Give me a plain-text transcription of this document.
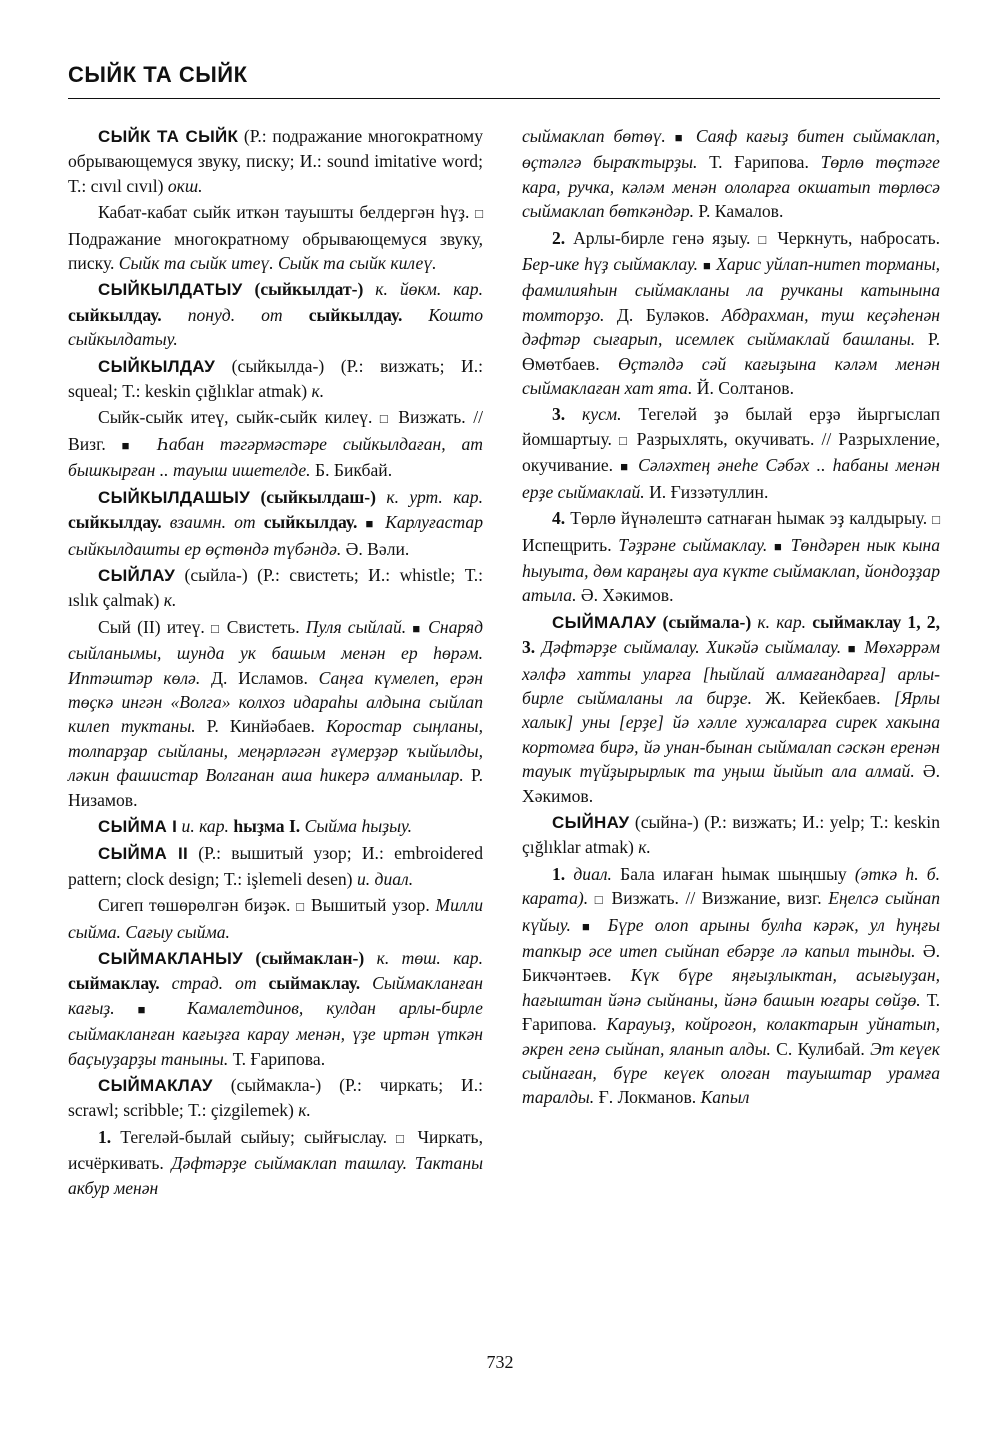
СЫЙК ТА СЫЙК

СЫЙК ТА СЫЙК (Р.: подражание многократному обрывающемуся звуку, писку; И.: sound imitative word; Т.: cıvıl cıvıl) окш.

Кабат-кабат сыйк иткән тауышты белдергән һүҙ. □ Подражание многократному обрывающемуся звуку, писку. Сыйк та сыйк итеү. Сыйк та сыйк килеү.

СЫЙКЫЛДАТЫУ (сыйкылдат-) к. йөкм. кар. сыйкылдау. понуд. от сыйкылдау. Кошто сыйкылдатыу.

СЫЙКЫЛДАУ (сыйкылда-) (Р.: визжать; И.: squeal; Т.: keskin çığlıklar atmak) к.

Сыйк-сыйк итеү, сыйк-сыйк килеү. □ Визжать. // Визг. ■ Һабан тәгәрмәстәре сыйкылдаған, ат бышкырған .. тауыш ишетелде. Б. Бикбай.

СЫЙКЫЛДАШЫУ (сыйкылдаш-) к. урт. кар. сыйкылдау. взаимн. от сыйкылдау. ■ Карлуғастар сыйкылдашты ер өҫтөндә түбәндә. Ә. Вәли.

СЫЙЛАУ (сыйла-) (Р.: свистеть; И.: whistle; Т.: ıslık çalmak) к.

Сый (II) итеү. □ Свистеть. Пуля сыйлай. ■ Снаряд сыйланымы, шунда ук башым менән ер һөрәм. Иптәштәр көлә. Д. Исламов. Саңға күмелеп, ерән төҫкә ингән «Волга» колхоз идараһы алдына сыйлап килеп туктаны. Р. Кинйәбаев. Коростар сыңланы, толпарҙар сыйланы, меңәрләгән ғүмерҙәр ҡыйылды, ләкин фашистар Волганан аша һикерә алманылар. Р. Низамов.

СЫЙМА I и. кар. һыҙма I. Сыйма һыҙыу.

СЫЙМА II (Р.: вышитый узор; И.: embroidered pattern; clock design; Т.: işlemeli desen) и. диал.

Сигеп төшөрөлгән биҙәк. □ Вышитый узор. Милли сыйма. Сағыу сыйма.

СЫЙМАКЛАНЫУ (сыймаклан-) к. төш. кар. сыймаклау. страд. от сыймаклау. Сыймакланған кағыҙ. ■ Камалетдинов, кулдан арлы-бирле сыймакланған кағыҙға карау менән, үҙе иртән үткән баҫыуҙарҙы таныны. Т. Ғарипова.

СЫЙМАКЛАУ (сыймакла-) (Р.: чиркать; И.: scrawl; scribble; Т.: çizgilemek) к.

1. Тегеләй-былай сыйыу; сыйғыслау. □ Чиркать, исчёркивать. Дәфтәрҙе сыймаклап ташлау. Тактаны акбур менән

сыймаклап бөтөү. ■ Саяф кағыҙ битен сыймаклап, өҫтәлгә быраҡтырҙы. Т. Ғарипова. Төрлө төҫтәге кара, ручка, кәләм менән ололарға окшатып төрлөсә сыймаклап бөткәндәр. Р. Камалов.

2. Арлы-бирле генә яҙыу. □ Черкнуть, набросать. Бер-ике һүҙ сыймаклау. ■ Харис уйлап-нитеп торманы, фамилияһын сыймакланы ла ручканы катынына томторҙо. Д. Буләков. Абдрахман, туш кеҫәһенән дәфтәр сығарып, исемлек сыймаклай башланы. Р. Өмөтбаев. Өҫтәлдә сәй кағыҙына кәләм менән сыймаклаған хат ята. Й. Солтанов.

3. кусм. Тегеләй ҙә былай ерҙә йыргыслап йомшартыу. □ Разрыхлять, окучивать. // Разрыхление, окучивание. ■ Сәләхтең әнеһе Сәбәх .. һабаны менән ерҙе сыймаклай. И. Ғиззәтуллин.

4. Төрлө йүнәлештә сатнаған һымак эҙ калдырыу. □ Испещрить. Тәҙрәне сыймаклау. ■ Төндәрен нык кына һыуыта, дөм караңғы ауа күкте сыймаклап, йондоҙҙар атыла. Ә. Хәкимов.

СЫЙМАЛАУ (сыймала-) к. кар. сыймаклау 1, 2, 3. Дәфтәрҙе сыймалау. Хикәйә сыймалау. ■ Мөхәррәм хәлфә хатты уларға [һыйлай алмағандарға] арлы-бирле сыймаланы ла бирҙе. Ж. Кейекбаев. [Ярлы халык] уны [ерҙе] йә хәлле хужаларға сирек хакына кортомға бирә, йә унан-бынан сыймалап сәскән еренән тауык түйҙырырлык та уңыш йыйып ала алмай. Ә. Хәкимов.

СЫЙНАУ (сыйна-) (Р.: визжать; И.: yelp; Т.: keskin çığlıklar atmak) к.

1. диал. Бала илаған һымак шыңшыу (әткә һ. б. карата). □ Визжать. // Визжание, визг. Еңелсә сыйнап күйыу. ■ Бүре олоп арыны булһа кәрәк, ул һуңғы тапкыр әсе итеп сыйнап ебәрҙе лә капыл тынды. Ә. Бикчәнтәев. Күк бүре яңғыҙлыктан, асығыуҙан, һағыштан йәнә сыйнаны, йәнә башын юғары сөйҙө. Т. Ғарипова. Карауыҙ, койроғон, колактарын уйнатып, әкрен генә сыйнап, яланып алды. С. Кулибай. Эт кеүек сыйнаған, бүре кеүек олоған тауыштар урамға таралды. Ғ. Локманов. Капыл

732
